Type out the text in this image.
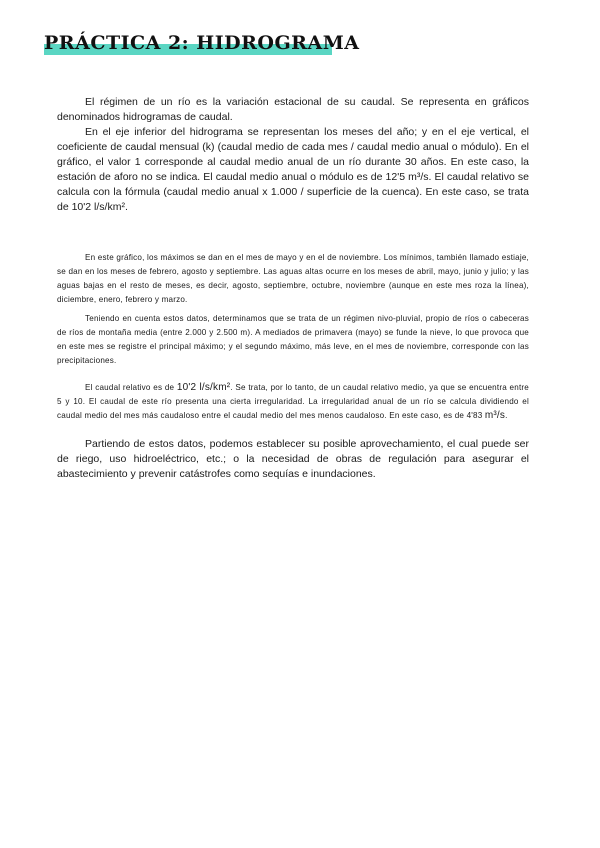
PRÁCTICA 2: HIDROGRAMA

El régimen de un río es la variación estacional de su caudal. Se representa en gráficos denominados hidrogramas de caudal.

En el eje inferior del hidrograma se representan los meses del año; y en el eje vertical, el coeficiente de caudal mensual (k) (caudal medio de cada mes / caudal medio anual o módulo). En el gráfico, el valor 1 corresponde al caudal medio anual de un río durante 30 años. En este caso, la estación de aforo no se indica. El caudal medio anual o módulo es de 12'5 m³/s. El caudal relativo se calcula con la fórmula (caudal medio anual x 1.000 / superficie de la cuenca). En este caso, se trata de 10'2 l/s/km².

En este gráfico, los máximos se dan en el mes de mayo y en el de noviembre. Los mínimos, también llamado estiaje, se dan en los meses de febrero, agosto y septiembre. Las aguas altas ocurre en los meses de abril, mayo, junio y julio; y las aguas bajas en el resto de meses, es decir, agosto, septiembre, octubre, noviembre (aunque en este mes roza la línea), diciembre, enero, febrero y marzo.

Teniendo en cuenta estos datos, determinamos que se trata de un régimen nivo-pluvial, propio de ríos o cabeceras de ríos de montaña media (entre 2.000 y 2.500 m). A mediados de primavera (mayo) se funde la nieve, lo que provoca que en este mes se registre el principal máximo; y el segundo máximo, más leve, en el mes de noviembre, corresponde con las precipitaciones.

El caudal relativo es de 10'2 l/s/km². Se trata, por lo tanto, de un caudal relativo medio, ya que se encuentra entre 5 y 10. El caudal de este río presenta una cierta irregularidad. La irregularidad anual de un río se calcula dividiendo el caudal medio del mes más caudaloso entre el caudal medio del mes menos caudaloso. En este caso, es de 4'83 m³/s.

Partiendo de estos datos, podemos establecer su posible aprovechamiento, el cual puede ser de riego, uso hidroeléctrico, etc.; o la necesidad de obras de regulación para asegurar el abastecimiento y prevenir catástrofes como sequías e inundaciones.
